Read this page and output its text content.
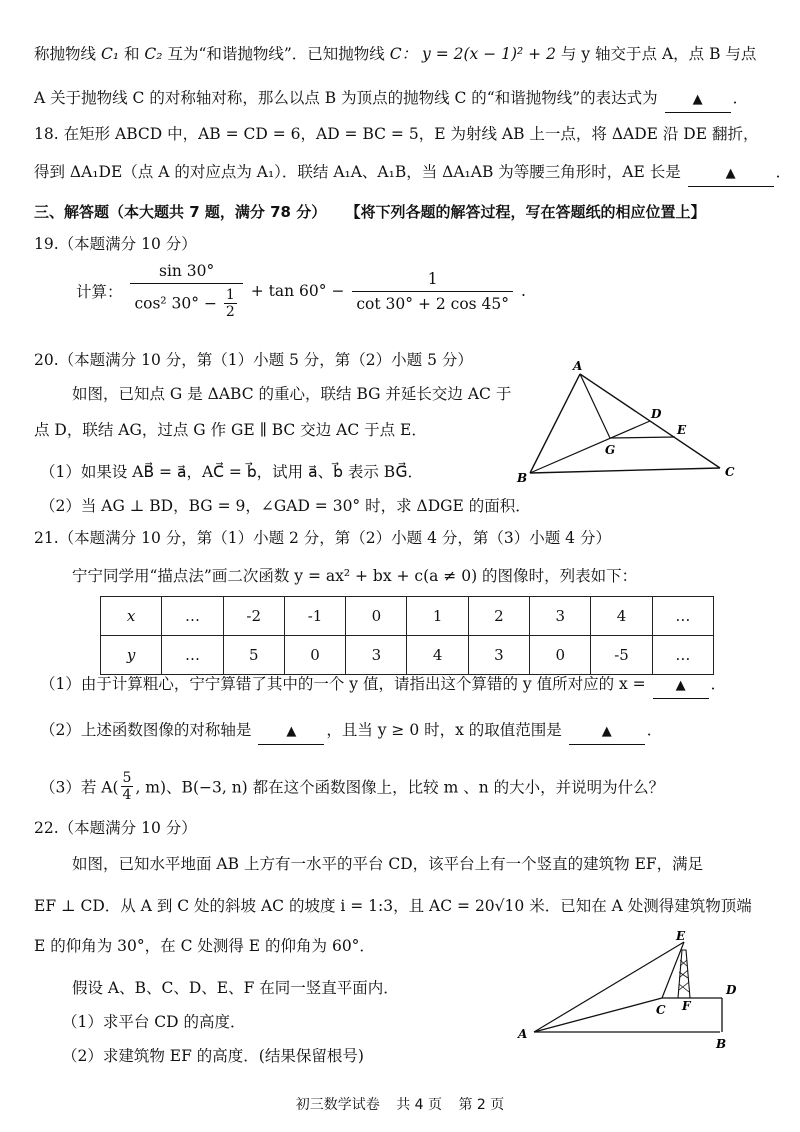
称抛物线 C₁ 和 C₂ 互为“和谐抛物线”．已知抛物线 C： y = 2(x − 1)² + 2 与 y 轴交于点 A，点 B 与点
A 关于抛物线 C 的对称轴对称，那么以点 B 为顶点的抛物线 C 的“和谐抛物线”的表达式为	▲ ．
18. 在矩形 ABCD 中，AB = CD = 6，AD = BC = 5，E 为射线 AB 上一点，将 ΔADE 沿 DE 翻折，
得到 ΔA₁DE（点 A 的对应点为 A₁）．联结 A₁A、A₁B，当 ΔA₁AB 为等腰三角形时，AE 长是	▲	．
三、解答题（本大题共 7 题，满分 78 分） 【将下列各题的解答过程，写在答题纸的相应位置上】
19.（本题满分 10 分）
计算： $\frac{\sin 30^\circ}{\cos^2 30^\circ - \frac{1}{2}} + \tan 60^\circ - \frac{1}{\cot 30^\circ + 2 \cos 45^\circ}$ .
20.（本题满分 10 分，第（1）小题 5 分，第（2）小题 5 分）
如图，已知点 G 是 ΔABC 的重心，联结 BG 并延长交边 AC 于
点 D，联结 AG，过点 G 作 GE ∥ BC 交边 AC 于点 E．
（1）如果设 AB⃗ = a⃗，AC⃗ = b⃗，试用 a⃗、b⃗ 表示 BG⃗．
（2）当 AG ⊥ BD，BG = 9，∠GAD = 30° 时，求 ΔDGE 的面积．
A
B	C
D
E
G
21.（本题满分 10 分，第（1）小题 2 分，第（2）小题 4 分，第（3）小题 4 分）
宁宁同学用“描点法”画二次函数 y = ax² + bx + c(a ≠ 0) 的图像时，列表如下：
x	…	-2	-1	0	1	2	3	4	…
y	…	5	0	3	4	3	0	-5	…
（1）由于计算粗心，宁宁算错了其中的一个 y 值，请指出这个算错的 y 值所对应的 x = ▲ ．
（2）上述函数图像的对称轴是	▲ ，且当 y ≥ 0 时，x 的取值范围是	▲ ．
（3）若 $A( \frac{5}{4}$ , m)、B(−3, n) 都在这个函数图像上，比较 m 、n 的大小，并说明为什么？
22.（本题满分 10 分）
如图，已知水平地面 AB 上方有一水平的平台 CD，该平台上有一个竖直的建筑物 EF，满足
EF ⊥ CD．从 A 到 C 处的斜坡 AC 的坡度 i = 1:3，且 AC = 20√10 米．已知在 A 处测得建筑物顶端
E 的仰角为 30°，在 C 处测得 E 的仰角为 60°．
假设 A、B、C、D、E、F 在同一竖直平面内．
（1）求平台 CD 的高度．
（2）求建筑物 EF 的高度．(结果保留根号)
A
B
C
D
E
F
初三数学试卷 共 4 页 第 2 页
